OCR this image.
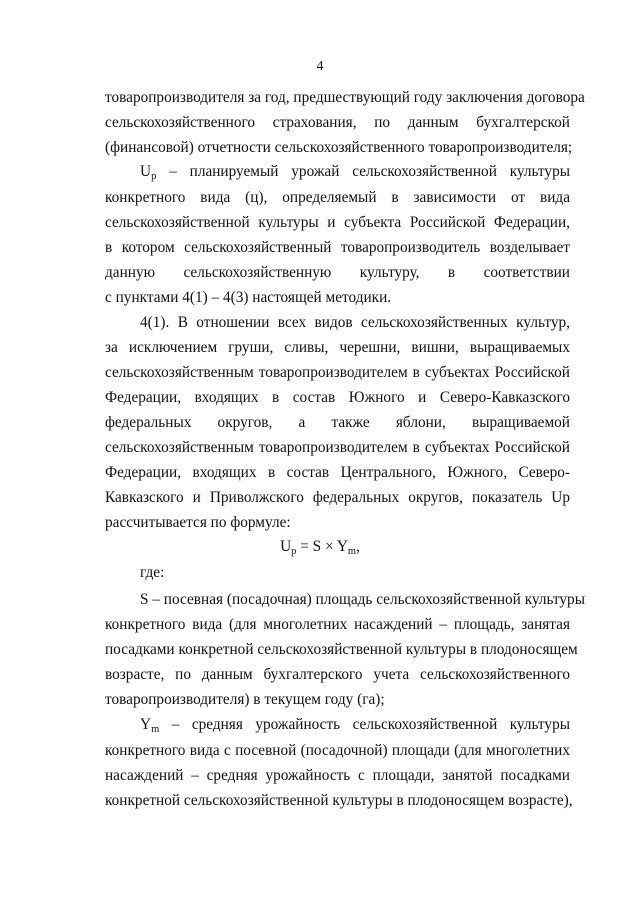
4
товаропроизводителя за год, предшествующий году заключения договора
сельскохозяйственного страхования, по данным бухгалтерской
(финансовой) отчетности сельскохозяйственного товаропроизводителя;
Up – планируемый урожай сельскохозяйственной культуры
конкретного вида (ц), определяемый в зависимости от вида
сельскохозяйственной культуры и субъекта Российской Федерации,
в котором сельскохозяйственный товаропроизводитель возделывает
данную сельскохозяйственную культуру, в соответствии
с пунктами 4(1) – 4(3) настоящей методики.
4(1). В отношении всех видов сельскохозяйственных культур,
за исключением груши, сливы, черешни, вишни, выращиваемых
сельскохозяйственным товаропроизводителем в субъектах Российской
Федерации, входящих в состав Южного и Северо-Кавказского
федеральных округов, а также яблони, выращиваемой
сельскохозяйственным товаропроизводителем в субъектах Российской
Федерации, входящих в состав Центрального, Южного, Северо-
Кавказского и Приволжского федеральных округов, показатель Up
рассчитывается по формуле:
Up = S × Ym,
где:
S – посевная (посадочная) площадь сельскохозяйственной культуры
конкретного вида (для многолетних насаждений – площадь, занятая
посадками конкретной сельскохозяйственной культуры в плодоносящем
возрасте, по данным бухгалтерского учета сельскохозяйственного
товаропроизводителя) в текущем году (га);
Ym – средняя урожайность сельскохозяйственной культуры
конкретного вида с посевной (посадочной) площади (для многолетних
насаждений – средняя урожайность с площади, занятой посадками
конкретной сельскохозяйственной культуры в плодоносящем возрасте),
